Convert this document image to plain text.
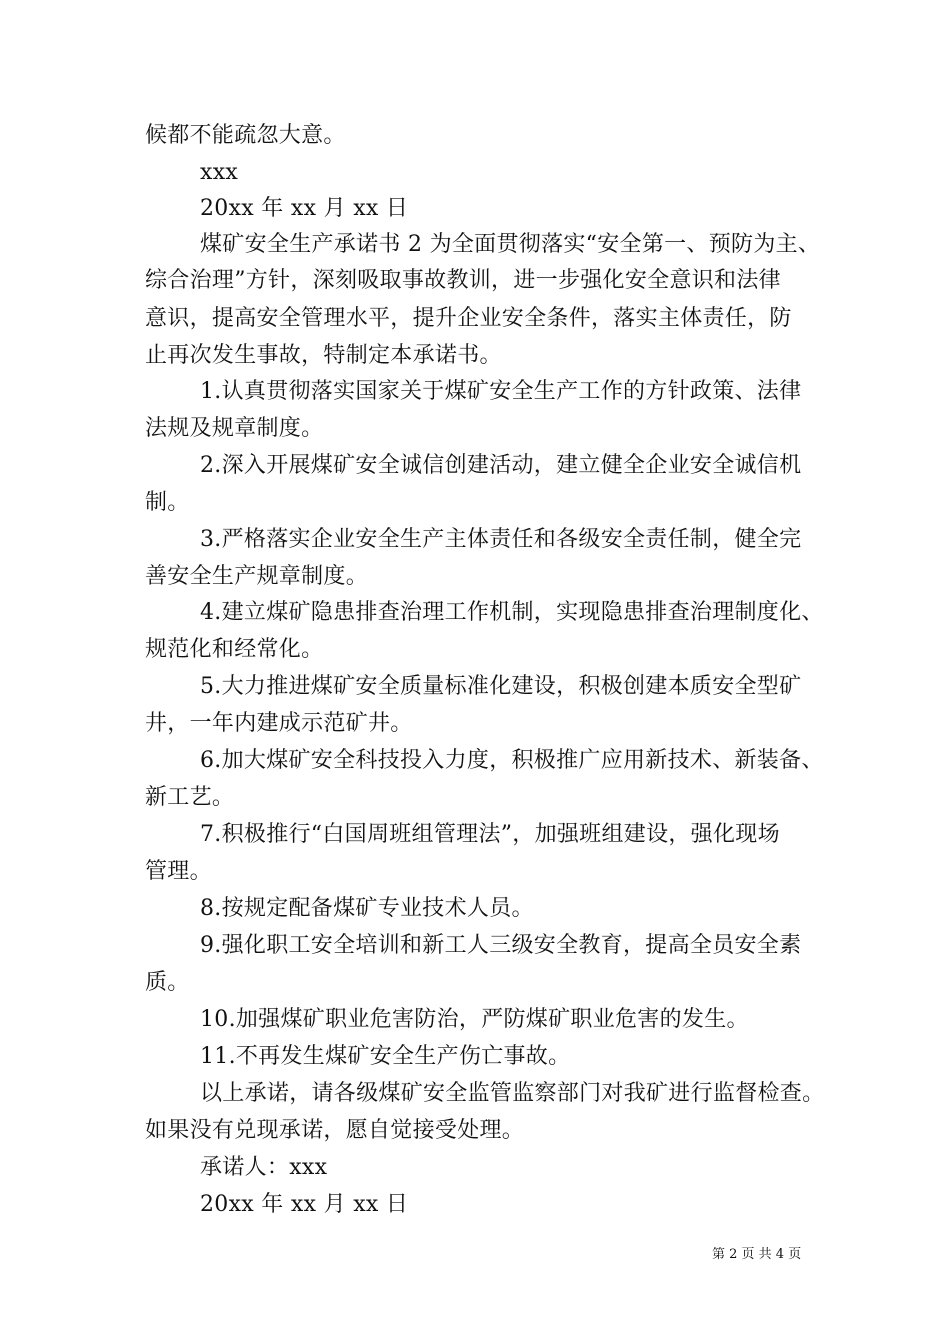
候都不能疏忽大意。
xxx
20xx 年 xx 月 xx 日
煤矿安全生产承诺书 2 为全面贯彻落实“安全第一、预防为主、
综合治理”方针，深刻吸取事故教训，进一步强化安全意识和法律
意识，提高安全管理水平，提升企业安全条件，落实主体责任，防
止再次发生事故，特制定本承诺书。
1.认真贯彻落实国家关于煤矿安全生产工作的方针政策、法律
法规及规章制度。
2.深入开展煤矿安全诚信创建活动，建立健全企业安全诚信机
制。
3.严格落实企业安全生产主体责任和各级安全责任制，健全完
善安全生产规章制度。
4.建立煤矿隐患排查治理工作机制，实现隐患排查治理制度化、
规范化和经常化。
5.大力推进煤矿安全质量标准化建设，积极创建本质安全型矿
井，一年内建成示范矿井。
6.加大煤矿安全科技投入力度，积极推广应用新技术、新装备、
新工艺。
7.积极推行“白国周班组管理法”，加强班组建设，强化现场
管理。
8.按规定配备煤矿专业技术人员。
9.强化职工安全培训和新工人三级安全教育，提高全员安全素
质。
10.加强煤矿职业危害防治，严防煤矿职业危害的发生。
11.不再发生煤矿安全生产伤亡事故。
以上承诺，请各级煤矿安全监管监察部门对我矿进行监督检查。
如果没有兑现承诺，愿自觉接受处理。
承诺人：xxx
20xx 年 xx 月 xx 日
第 2 页 共 4 页
